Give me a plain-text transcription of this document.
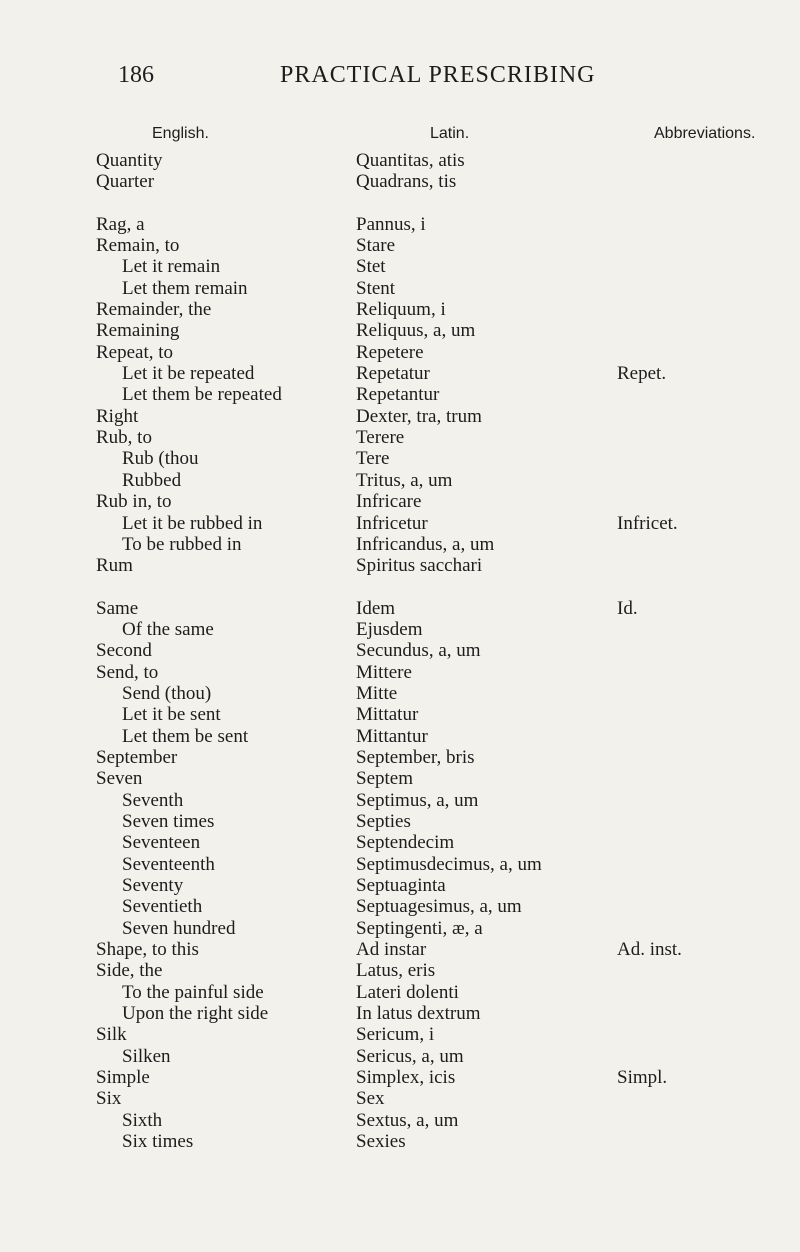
186	PRACTICAL PRESCRIBING
English.	Latin.	Abbreviations.
Quantity	Quantitas, atis
Quarter	Quadrans, tis
Rag, a	Pannus, i
Remain, to	Stare
Let it remain	Stet
Let them remain	Stent
Remainder, the	Reliquum, i
Remaining	Reliquus, a, um
Repeat, to	Repetere
Let it be repeated	Repetatur	Repet.
Let them be repeated	Repetantur
Right	Dexter, tra, trum
Rub, to	Terere
Rub (thou	Tere
Rubbed	Tritus, a, um
Rub in, to	Infricare
Let it be rubbed in	Infricetur	Infricet.
To be rubbed in	Infricandus, a, um
Rum	Spiritus sacchari
Same	Idem	Id.
Of the same	Ejusdem
Second	Secundus, a, um
Send, to	Mittere
Send (thou)	Mitte
Let it be sent	Mittatur
Let them be sent	Mittantur
September	September, bris
Seven	Septem
Seventh	Septimus, a, um
Seven times	Septies
Seventeen	Septendecim
Seventeenth	Septimusdecimus, a, um
Seventy	Septuaginta
Seventieth	Septuagesimus, a, um
Seven hundred	Septingenti, æ, a
Shape, to this	Ad instar	Ad. inst.
Side, the	Latus, eris
To the painful side	Lateri dolenti
Upon the right side	In latus dextrum
Silk	Sericum, i
Silken	Sericus, a, um
Simple	Simplex, icis	Simpl.
Six	Sex
Sixth	Sextus, a, um
Six times	Sexies
